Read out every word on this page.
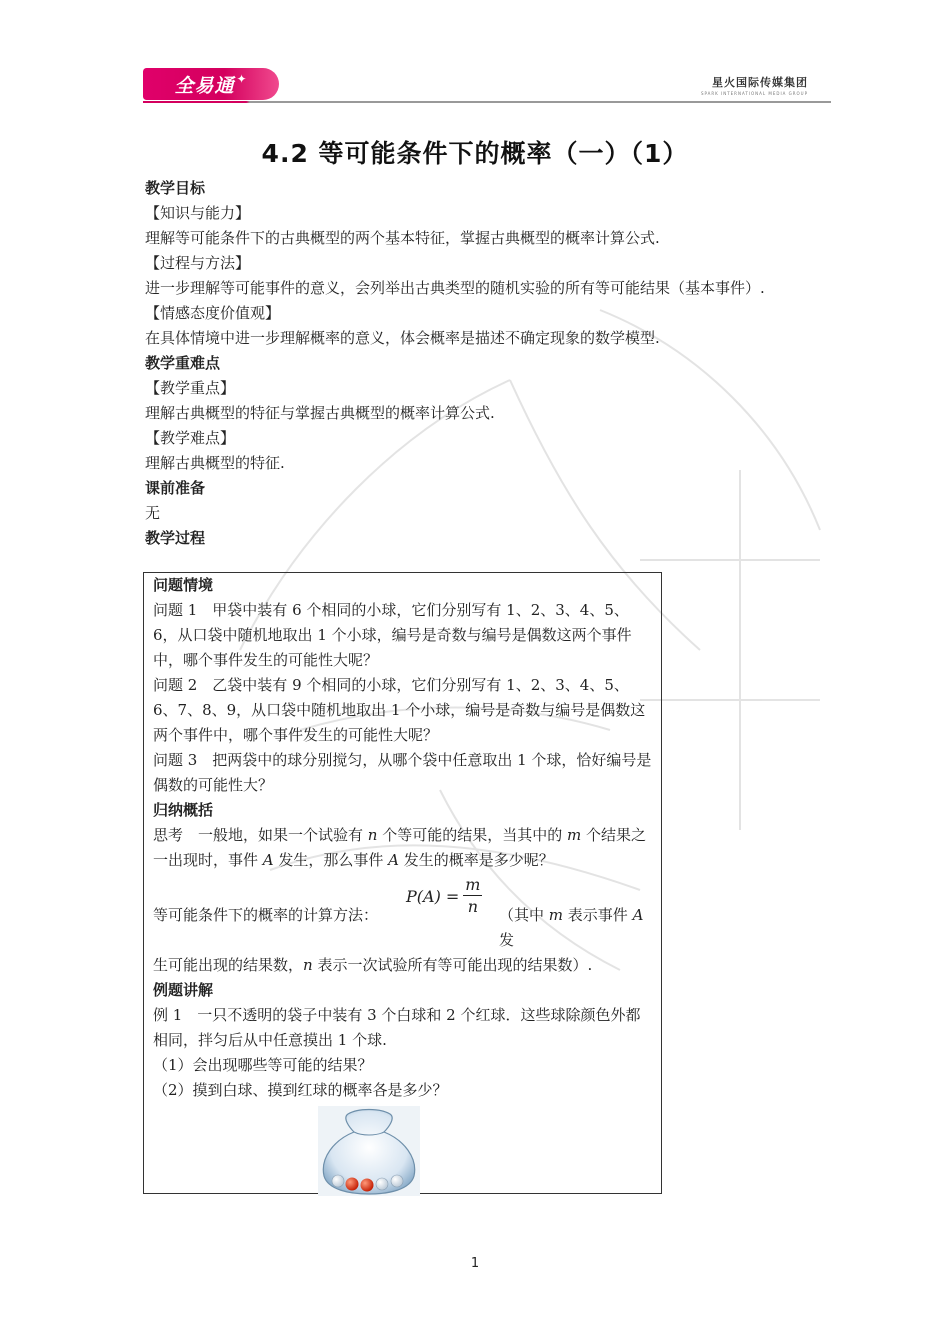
全易通 ✦	星火国际传媒集团
SPARK INTERNATIONAL MEDIA GROUP
4.2 等可能条件下的概率（一）（1）
教学目标

【知识与能力】

理解等可能条件下的古典概型的两个基本特征，掌握古典概型的概率计算公式.

【过程与方法】

进一步理解等可能事件的意义，会列举出古典类型的随机实验的所有等可能结果（基本事件）.

【情感态度价值观】

在具体情境中进一步理解概率的意义，体会概率是描述不确定现象的数学模型.

教学重难点

【教学重点】

理解古典概型的特征与掌握古典概型的概率计算公式.

【教学难点】

理解古典概型的特征.

课前准备

无

教学过程
问题情境

问题 1　甲袋中装有 6 个相同的小球，它们分别写有 1、2、3、4、5、6，从口袋中随机地取出 1 个小球，编号是奇数与编号是偶数这两个事件中，哪个事件发生的可能性大呢？

问题 2　乙袋中装有 9 个相同的小球，它们分别写有 1、2、3、4、5、6、7、8、9，从口袋中随机地取出 1 个小球，编号是奇数与编号是偶数这两个事件中，哪个事件发生的可能性大呢？

问题 3　把两袋中的球分别搅匀，从哪个袋中任意取出 1 个球，恰好编号是偶数的可能性大？

归纳概括

思考　一般地，如果一个试验有 n 个等可能的结果，当其中的 m 个结果之一出现时，事件 A 发生，那么事件 A 发生的概率是多少呢？

$P(A) = \frac{m}{n}$
等可能条件下的概率的计算方法：	（其中 m 表示事件 A 发

生可能出现的结果数，n 表示一次试验所有等可能出现的结果数）.

例题讲解

例 1　一只不透明的袋子中装有 3 个白球和 2 个红球．这些球除颜色外都相同，拌匀后从中任意摸出 1 个球.

（1）会出现哪些等可能的结果？

（2）摸到白球、摸到红球的概率各是多少？

1
